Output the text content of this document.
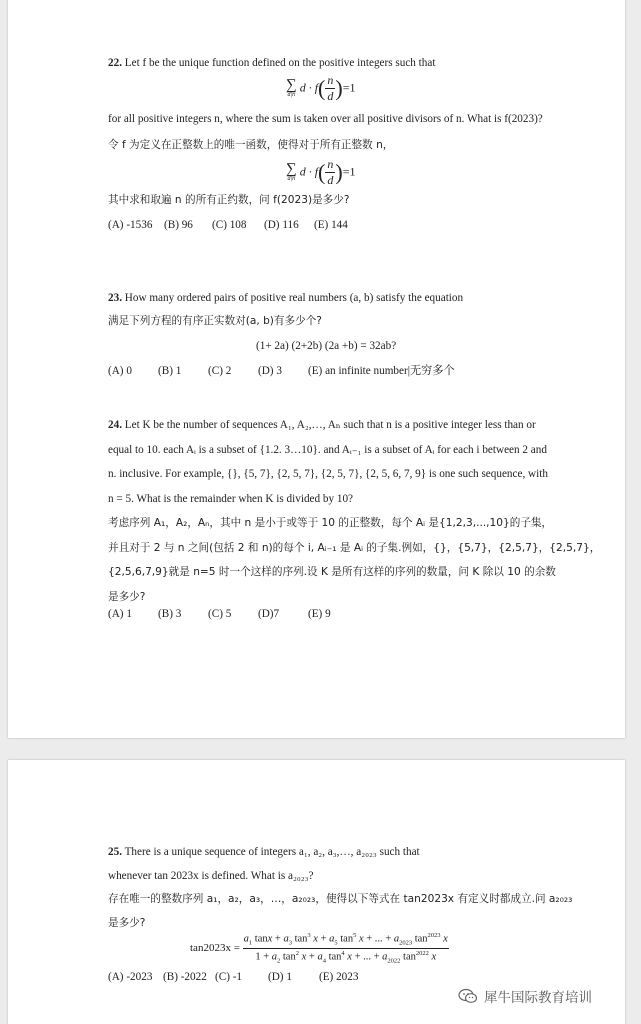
22. Let f be the unique function defined on the positive integers such that
∑
d|n
$d \cdot f( \frac{n}{d} )=1$
for all positive integers n, where the sum is taken over all positive divisors of n. What is f(2023)?
令 f 为定义在正整数上的唯一函数，使得对于所有正整数 n，
∑
d|n
$d \cdot f( \frac{n}{d} )=1$
其中求和取遍 n 的所有正约数，问 f(2023)是多少?
(A) -1536	(B) 96	(C) 108	(D) 116	(E) 144
23. How many ordered pairs of positive real numbers (a, b) satisfy the equation
满足下列方程的有序正实数对(a, b)有多少个?
(1+ 2a) (2+2b) (2a +b) = 32ab?
(A) 0	(B) 1	(C) 2	(D) 3	(E) an infinite number|无穷多个
24. Let K be the number of sequences A₁, A₂,…, Aₙ such that n is a positive integer less than or
equal to 10. each Aᵢ is a subset of {1.2. 3…10}. and Aᵢ₋₁ is a subset of Aᵢ for each i between 2 and
n. inclusive. For example, {}, {5, 7}, {2, 5, 7}, {2, 5, 7}, {2, 5, 6, 7, 9} is one such sequence, with
n = 5. What is the remainder when K is divided by 10?
考虑序列 A₁，A₂，Aₙ，其中 n 是小于或等于 10 的正整数，每个 Aᵢ 是{1,2,3,...,10}的子集，
并且对于 2 与 n 之间(包括 2 和 n)的每个 i, Aᵢ₋₁ 是 Aᵢ 的子集.例如，{}，{5,7}，{2,5,7}，{2,5,7}，
{2,5,6,7,9}就是 n=5 时一个这样的序列.设 K 是所有这样的序列的数量，问 K 除以 10 的余数
是多少?
(A) 1	(B) 3	(C) 5	(D)7	(E) 9
25. There is a unique sequence of integers a₁, a₂, a₃,…, a₂₀₂₃ such that
whenever tan 2023x is defined. What is a₂₀₂₃?
存在唯一的整数序列 a₁，a₂，a₃，…，a₂₀₂₃，使得以下等式在 tan2023x 有定义时都成立.问 a₂₀₂₃
是多少?
$\tan 2023x = \frac{a_1 \tan x + a_3 \tan^3 x + a_5 \tan^5 x + ... + a_{2023} \tan^{2023} x}{1 + a_2 \tan^2 x + a_4 \tan^4 x + ... + a_{2022} \tan^{2022} x}$
(A) -2023 (B) -2022 (C) -1	(D) 1	(E) 2023
犀牛国际教育培训
